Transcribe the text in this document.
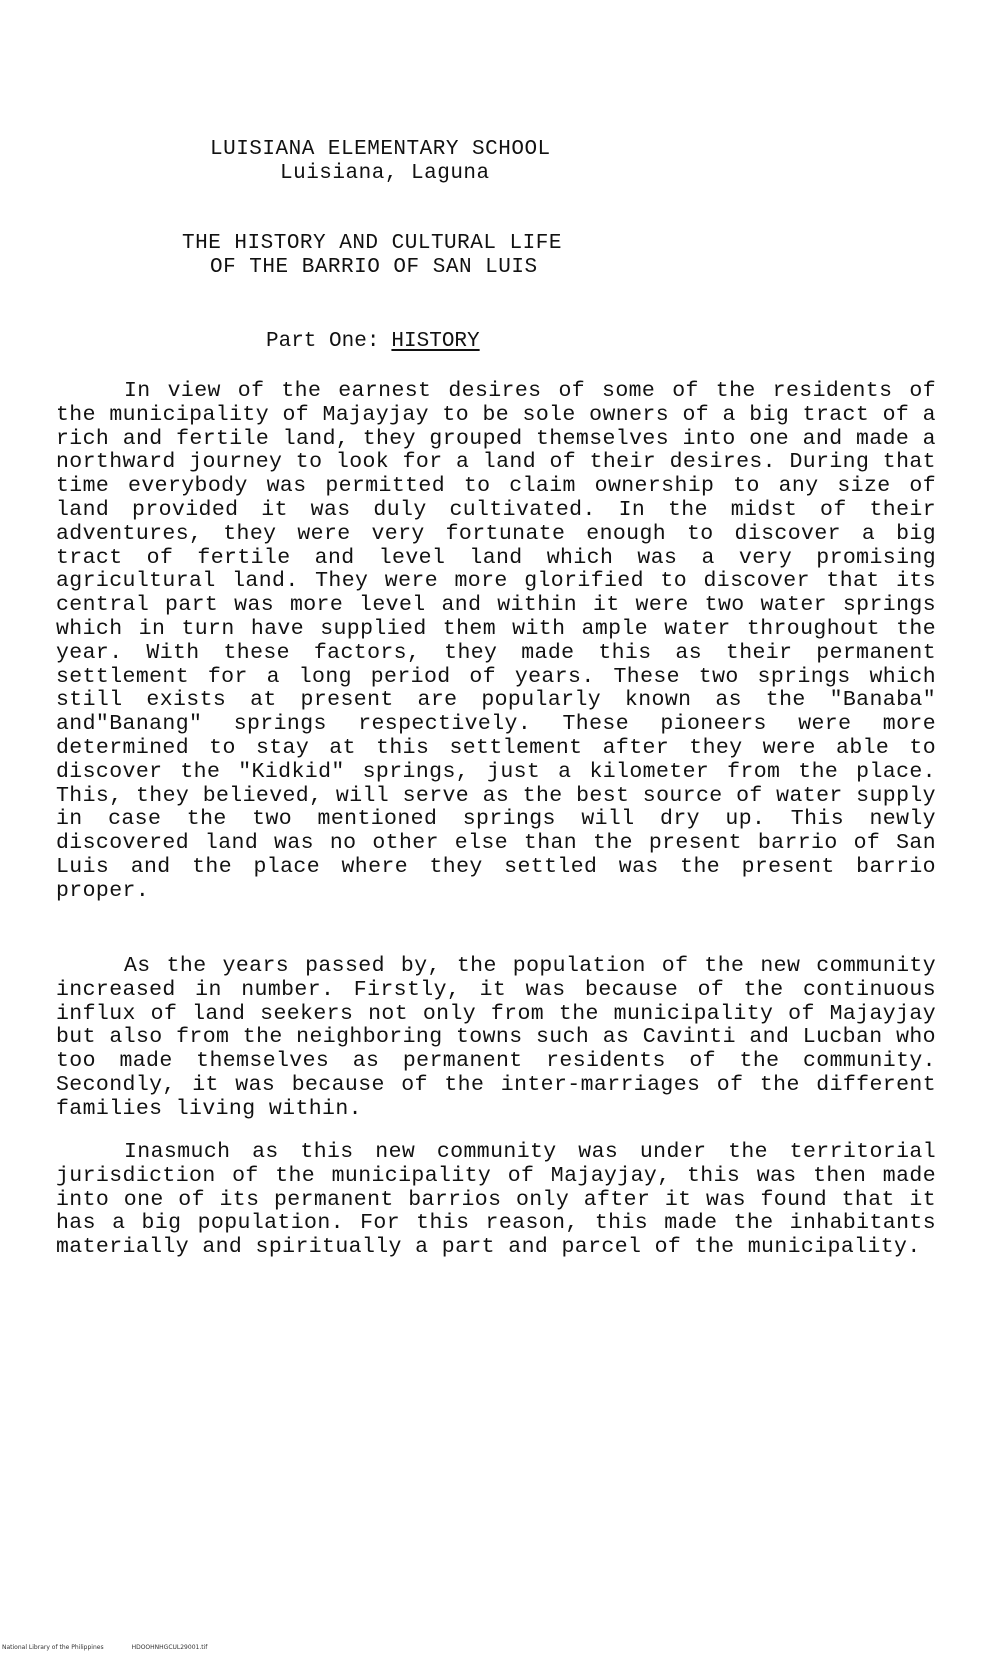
LUISIANA ELEMENTARY SCHOOL
Luisiana, Laguna
THE HISTORY AND CULTURAL LIFE
OF THE BARRIO OF SAN LUIS
Part One: HISTORY

In view of the earnest desires of some of the residents of the municipality of Majayjay to be sole owners of a big tract of a rich and fertile land, they grouped themselves into one and made a northward journey to look for a land of their desires. During that time everybody was permitted to claim ownership to any size of land provided it was duly cultivated. In the midst of their adventures, they were very fortunate enough to discover a big tract of fertile and level land which was a very promising agricultural land. They were more glorified to discover that its central part was more level and within it were two water springs which in turn have supplied them with ample water throughout the year. With these factors, they made this as their permanent settlement for a long period of years. These two springs which still exists at present are popularly known as the "Banaba" and"Banang" springs respectively. These pioneers were more determined to stay at this settlement after they were able to discover the "Kidkid" springs, just a kilometer from the place. This, they believed, will serve as the best source of water supply in case the two mentioned springs will dry up. This newly discovered land was no other else than the present barrio of San Luis and the place where they settled was the present barrio proper.

As the years passed by, the population of the new community increased in number. Firstly, it was because of the continuous influx of land seekers not only from the municipality of Majayjay but also from the neighboring towns such as Cavinti and Lucban who too made themselves as permanent residents of the community. Secondly, it was because of the inter-marriages of the different families living within.

Inasmuch as this new community was under the territorial jurisdiction of the municipality of Majayjay, this was then made into one of its permanent barrios only after it was found that it has a big population. For this reason, this made the inhabitants materially and spiritually a part and parcel of the municipality.

National Library of the Philippines	HDOOHNHGCUL29001.tif
